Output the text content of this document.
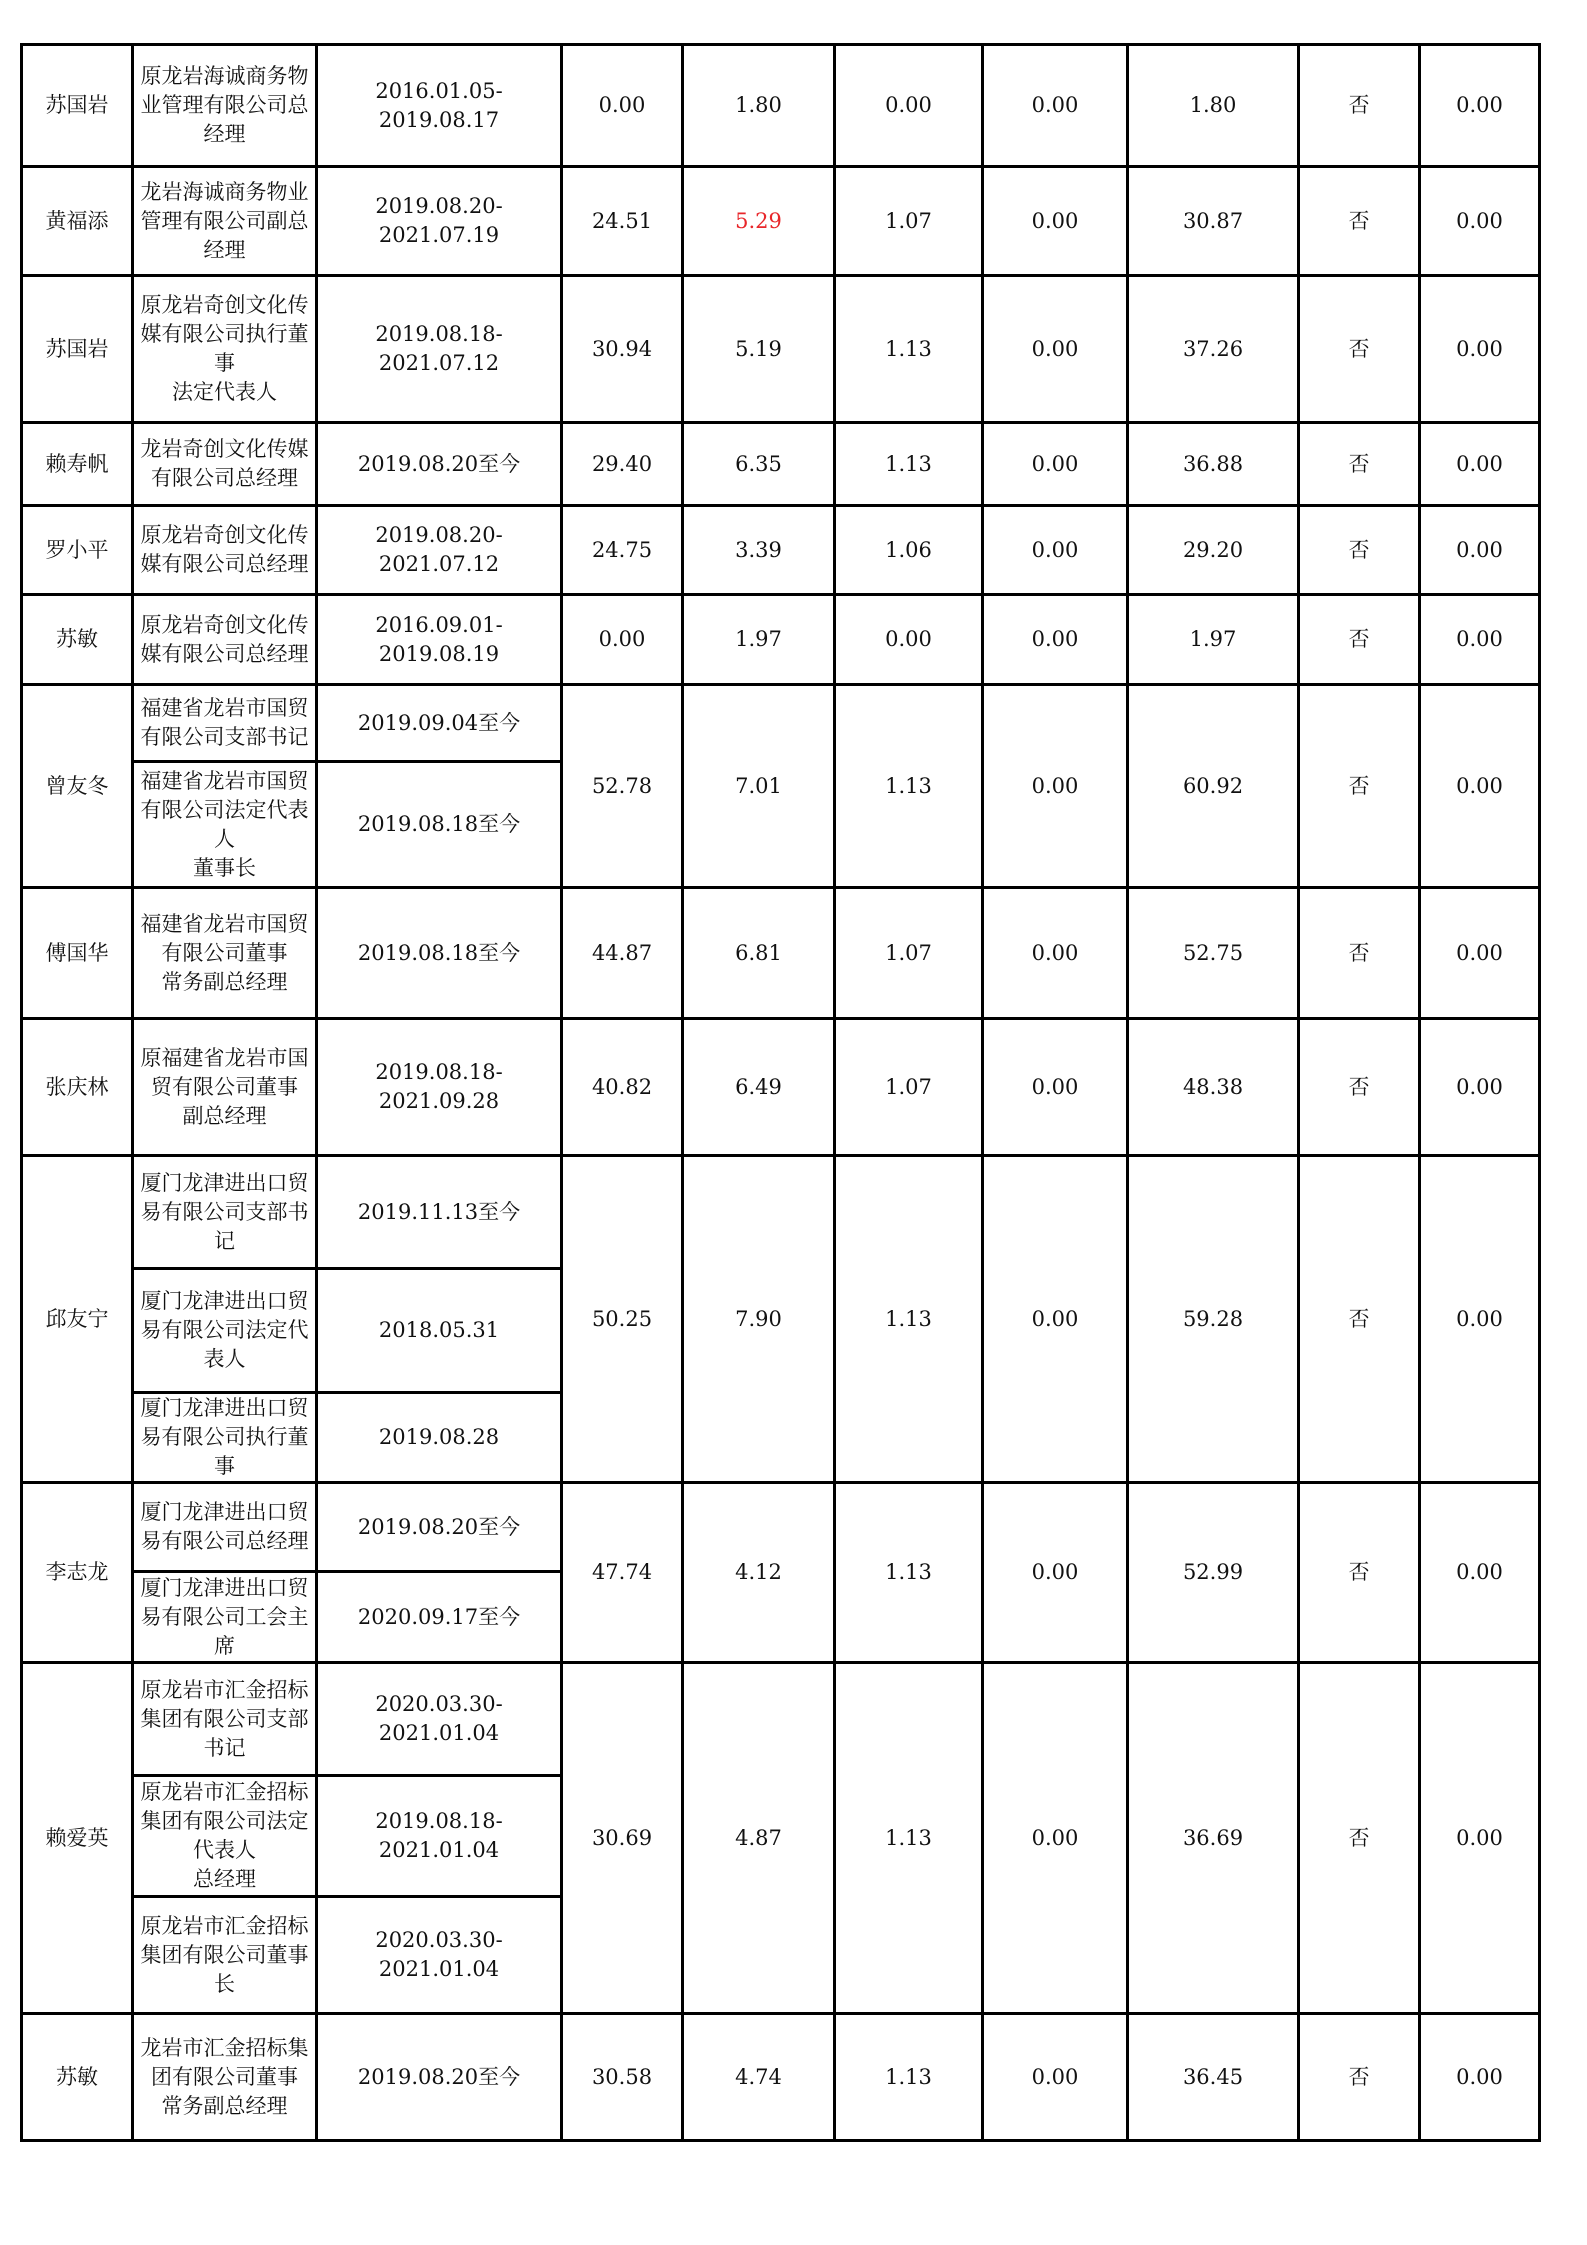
苏国岩	原龙岩海诚商务物业管理有限公司总经理	2016.01.05-
2019.08.17	0.00	1.80	0.00	0.00	1.80	否	0.00
黄福添	龙岩海诚商务物业管理有限公司副总经理	2019.08.20-
2021.07.19	24.51	5.29	1.07	0.00	30.87	否	0.00
苏国岩	原龙岩奇创文化传媒有限公司执行董事
法定代表人	2019.08.18-
2021.07.12	30.94	5.19	1.13	0.00	37.26	否	0.00
赖寿帆	龙岩奇创文化传媒有限公司总经理	2019.08.20至今	29.40	6.35	1.13	0.00	36.88	否	0.00
罗小平	原龙岩奇创文化传媒有限公司总经理	2019.08.20-
2021.07.12	24.75	3.39	1.06	0.00	29.20	否	0.00
苏敏	原龙岩奇创文化传媒有限公司总经理	2016.09.01-
2019.08.19	0.00	1.97	0.00	0.00	1.97	否	0.00
曾友冬	福建省龙岩市国贸有限公司支部书记	2019.09.04至今	52.78	7.01	1.13	0.00	60.92	否	0.00
	福建省龙岩市国贸有限公司法定代表人
董事长	2019.08.18至今							
傅国华	福建省龙岩市国贸有限公司董事
常务副总经理	2019.08.18至今	44.87	6.81	1.07	0.00	52.75	否	0.00
张庆林	原福建省龙岩市国贸有限公司董事
副总经理	2019.08.18-
2021.09.28	40.82	6.49	1.07	0.00	48.38	否	0.00
邱友宁	厦门龙津进出口贸易有限公司支部书记	2019.11.13至今	50.25	7.90	1.13	0.00	59.28	否	0.00
	厦门龙津进出口贸易有限公司法定代表人	2018.05.31							
	厦门龙津进出口贸易有限公司执行董事	2019.08.28							
李志龙	厦门龙津进出口贸易有限公司总经理	2019.08.20至今	47.74	4.12	1.13	0.00	52.99	否	0.00
	厦门龙津进出口贸易有限公司工会主席	2020.09.17至今							
赖爱英	原龙岩市汇金招标集团有限公司支部书记	2020.03.30-
2021.01.04	30.69	4.87	1.13	0.00	36.69	否	0.00
	原龙岩市汇金招标集团有限公司法定代表人
总经理	2019.08.18-
2021.01.04							
	原龙岩市汇金招标集团有限公司董事长	2020.03.30-
2021.01.04							
苏敏	龙岩市汇金招标集团有限公司董事
常务副总经理	2019.08.20至今	30.58	4.74	1.13	0.00	36.45	否	0.00
